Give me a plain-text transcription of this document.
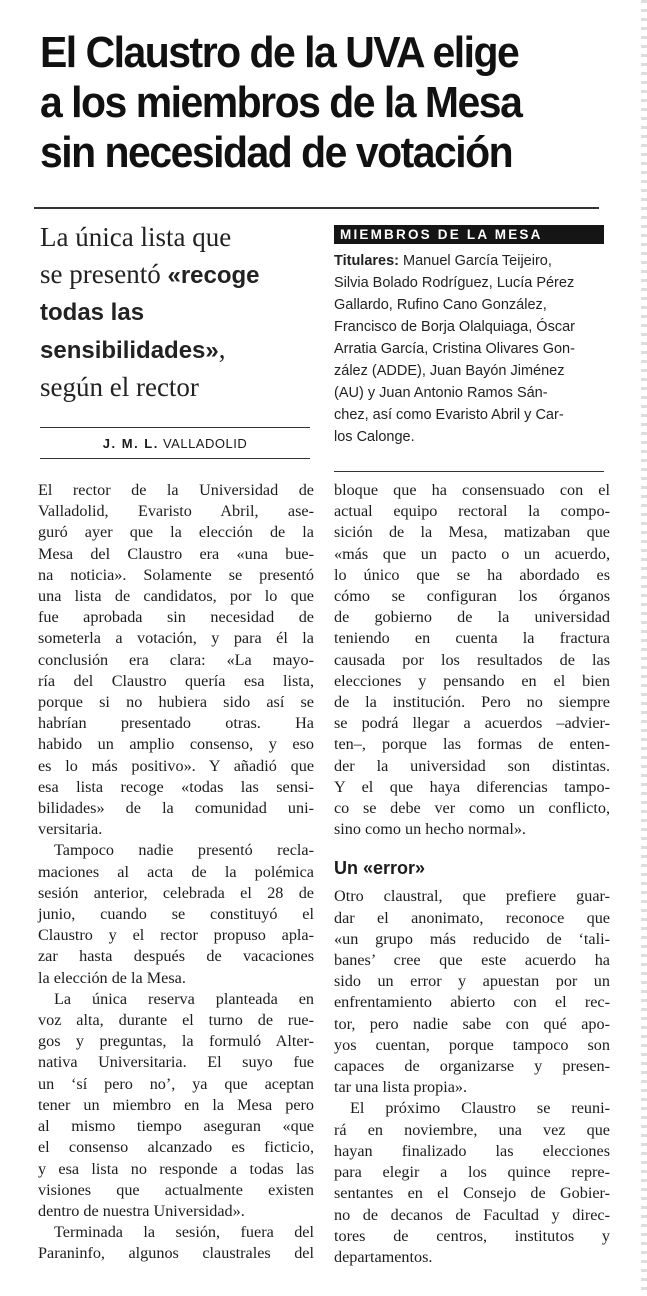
El Claustro de la UVA elige
a los miembros de la Mesa
sin necesidad de votación
La única lista que
se presentó «recoge
todas las
sensibilidades»,
según el rector
J. M. L. VALLADOLID
MIEMBROS DE LA MESA
Titulares: Manuel García Teijeiro,
Silvia Bolado Rodríguez, Lucía Pérez
Gallardo, Rufino Cano González,
Francisco de Borja Olalquiaga, Óscar
Arratia García, Cristina Olivares Gon-
zález (ADDE), Juan Bayón Jiménez
(AU) y Juan Antonio Ramos Sán-
chez, así como Evaristo Abril y Car-
los Calonge.

El rector de la Universidad de
Valladolid, Evaristo Abril, ase-
guró ayer que la elección de la
Mesa del Claustro era «una bue-
na noticia». Solamente se presentó
una lista de candidatos, por lo que
fue aprobada sin necesidad de
someterla a votación, y para él la
conclusión era clara: «La mayo-
ría del Claustro quería esa lista,
porque si no hubiera sido así se
habrían presentado otras. Ha
habido un amplio consenso, y eso
es lo más positivo». Y añadió que
esa lista recoge «todas las sensi-
bilidades» de la comunidad uni-
versitaria.

Tampoco nadie presentó recla-
maciones al acta de la polémica
sesión anterior, celebrada el 28 de
junio, cuando se constituyó el
Claustro y el rector propuso apla-
zar hasta después de vacaciones
la elección de la Mesa.

La única reserva planteada en
voz alta, durante el turno de rue-
gos y preguntas, la formuló Alter-
nativa Universitaria. El suyo fue
un ‘sí pero no’, ya que aceptan
tener un miembro en la Mesa pero
al mismo tiempo aseguran «que
el consenso alcanzado es ficticio,
y esa lista no responde a todas las
visiones que actualmente existen
dentro de nuestra Universidad».

Terminada la sesión, fuera del
Paraninfo, algunos claustrales del

bloque que ha consensuado con el
actual equipo rectoral la compo-
sición de la Mesa, matizaban que
«más que un pacto o un acuerdo,
lo único que se ha abordado es
cómo se configuran los órganos
de gobierno de la universidad
teniendo en cuenta la fractura
causada por los resultados de las
elecciones y pensando en el bien
de la institución. Pero no siempre
se podrá llegar a acuerdos –advier-
ten–, porque las formas de enten-
der la universidad son distintas.
Y el que haya diferencias tampo-
co se debe ver como un conflicto,
sino como un hecho normal».

Un «error»

Otro claustral, que prefiere guar-
dar el anonimato, reconoce que
«un grupo más reducido de ‘tali-
banes’ cree que este acuerdo ha
sido un error y apuestan por un
enfrentamiento abierto con el rec-
tor, pero nadie sabe con qué apo-
yos cuentan, porque tampoco son
capaces de organizarse y presen-
tar una lista propia».

El próximo Claustro se reuni-
rá en noviembre, una vez que
hayan finalizado las elecciones
para elegir a los quince repre-
sentantes en el Consejo de Gobier-
no de decanos de Facultad y direc-
tores de centros, institutos y
departamentos.
